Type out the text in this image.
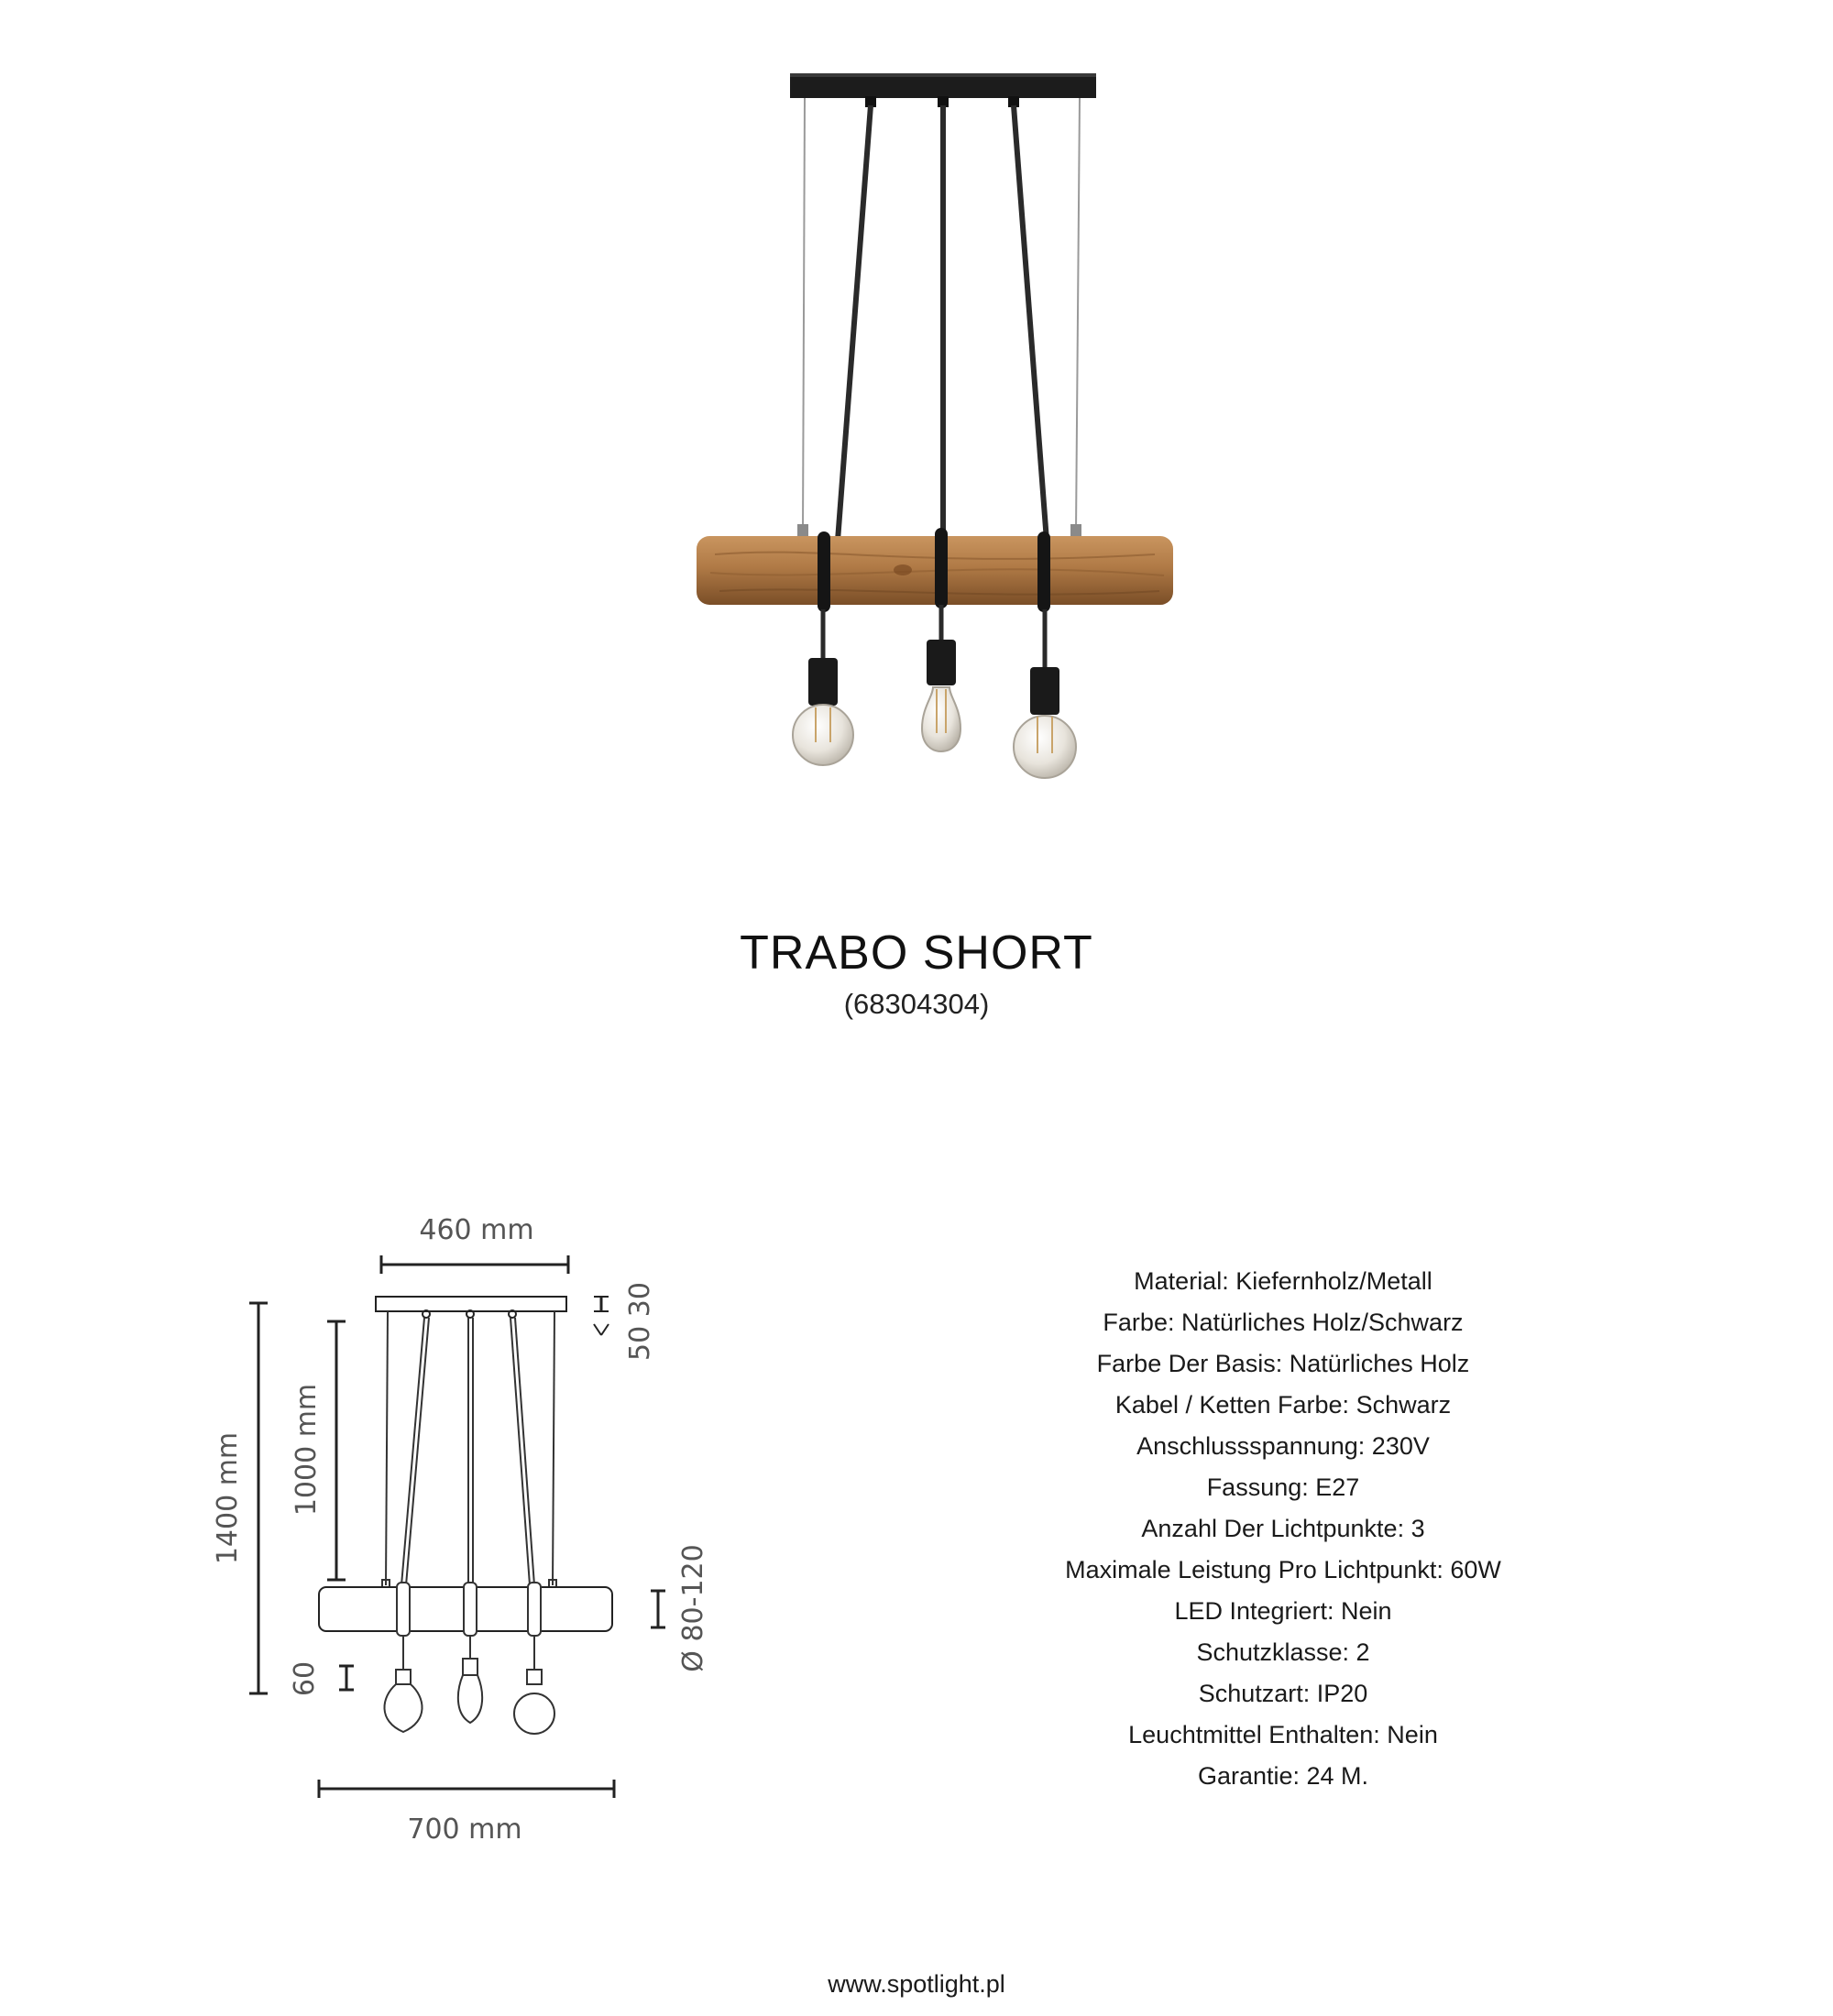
TRABO SHORT
(68304304)
460 mm
1400 mm 1000 mm
50 30
Ø 80-120
60
700 mm
Material: Kiefernholz/Metall
Farbe: Natürliches Holz/Schwarz
Farbe Der Basis: Natürliches Holz
Kabel / Ketten Farbe: Schwarz
Anschlussspannung: 230V
Fassung: E27
Anzahl Der Lichtpunkte: 3
Maximale Leistung Pro Lichtpunkt: 60W
LED Integriert: Nein
Schutzklasse: 2
Schutzart: IP20
Leuchtmittel Enthalten: Nein
Garantie: 24 M.
www.spotlight.pl
